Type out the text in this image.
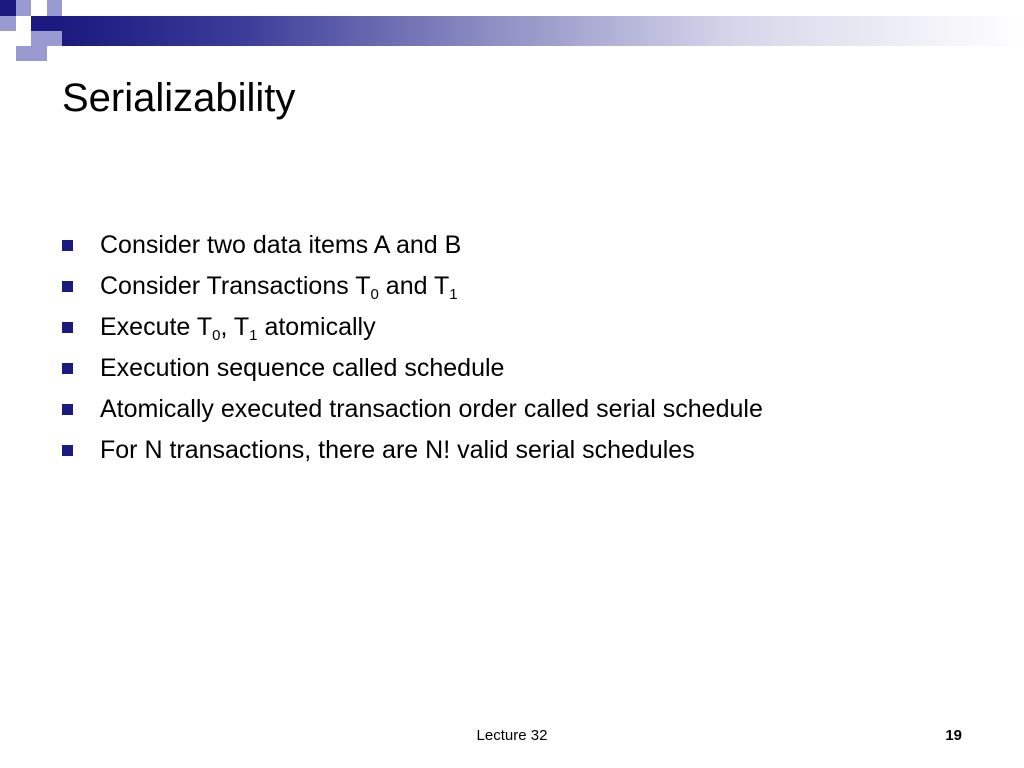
Serializability
Consider two data items A and B
Consider Transactions $T_0$ and $T_1$
Execute $T_0$, $T_1$ atomically
Execution sequence called schedule
Atomically executed transaction order called serial schedule
For N transactions, there are N! valid serial schedules
Lecture 32	19
